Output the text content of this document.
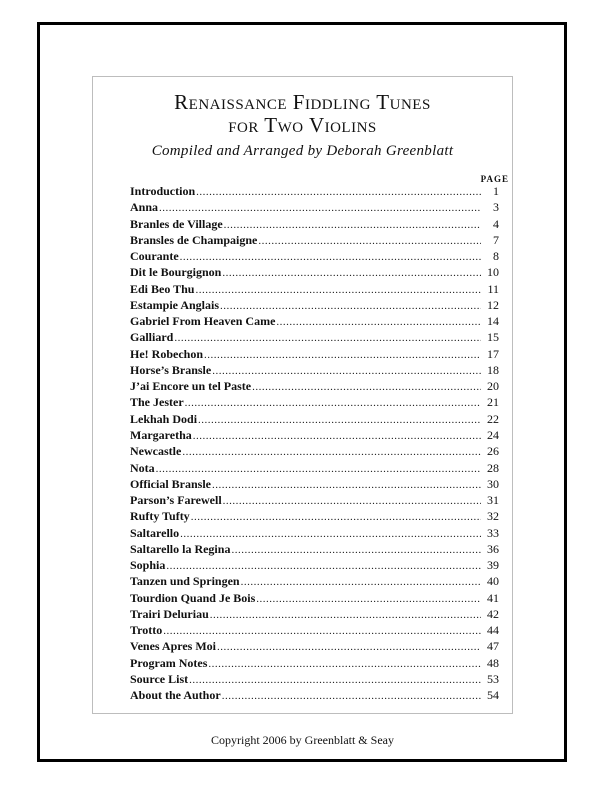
Renaissance Fiddling Tunes
for Two Violins
Compiled and Arranged by Deborah Greenblatt
PAGE
Introduction .....	1
Anna .....	3
Branles de Village .....	4
Bransles de Champaigne .....	7
Courante .....	8
Dit le Bourgignon .....	10
Edi Beo Thu .....	11
Estampie Anglais .....	12
Gabriel From Heaven Came .....	14
Galliard .....	15
He! Robechon .....	17
Horse’s Bransle .....	18
J’ai Encore un tel Paste .....	20
The Jester .....	21
Lekhah Dodi .....	22
Margaretha .....	24
Newcastle .....	26
Nota .....	28
Official Bransle .....	30
Parson’s Farewell .....	31
Rufty Tufty .....	32
Saltarello .....	33
Saltarello la Regina .....	36
Sophia .....	39
Tanzen und Springen .....	40
Tourdion Quand Je Bois .....	41
Trairi Deluriau .....	42
Trotto .....	44
Venes Apres Moi .....	47
Program Notes .....	48
Source List .....	53
About the Author .....	54
Copyright 2006 by Greenblatt & Seay
